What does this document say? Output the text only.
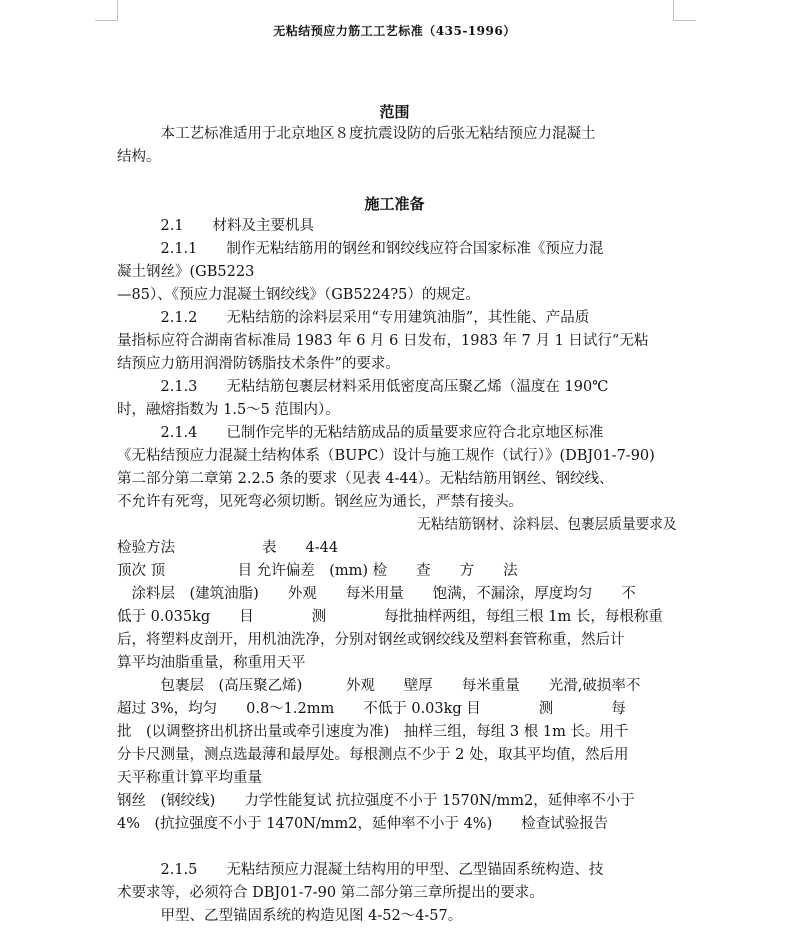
无粘结预应力筋工工艺标准（435-1996）
范围
　　　本工艺标准适用于北京地区８度抗震设防的后张无粘结预应力混凝土
结构。
施工准备
　　　2.1　　材料及主要机具
　　　2.1.1　　制作无粘结筋用的钢丝和钢绞线应符合国家标准《预应力混
凝土钢丝》(GB5223
—85）、《预应力混凝土钢绞线》（GB5224?5）的规定。
　　　2.1.2　　无粘结筋的涂料层采用“专用建筑油脂”，其性能、产品质
量指标应符合湖南省标准局 1983 年 6 月 6 日发布，1983 年 7 月 1 日试行“无粘
结预应力筋用润滑防锈脂技术条件”的要求。
　　　2.1.3　　无粘结筋包裹层材料采用低密度高压聚乙烯（温度在 190℃
时，融熔指数为 1.5～5 范围内）。
　　　2.1.4　　已制作完毕的无粘结筋成品的质量要求应符合北京地区标准
《无粘结预应力混凝土结构体系（BUPC）设计与施工规作（试行）》(DBJ01-7-90)
第二部分第二章第 2.2.5 条的要求（见表 4-44）。无粘结筋用钢丝、钢绞线、
不允许有死弯，见死弯必须切断。钢丝应为通长，严禁有接头。
　　　　　　　　　　　　　　　　　　　　　　无粘结筋钢材、涂料层、包裹层质量要求及
检验方法　　　　　　表　　4-44
顶次 顶　　　　　目 允许偏差　(mm) 检　　查　　方　　法
　涂料层　(建筑油脂)　　外观　　每米用量　　饱满，不漏涂，厚度均匀　　不
低于 0.035kg　　目　　　　测　　　　每批抽样两组，每组三根 1m 长，每根称重
后，将塑料皮剖开，用机油洗净，分别对钢丝或钢绞线及塑料套管称重，然后计
算平均油脂重量，称重用天平
　　　包裹层　(高压聚乙烯)　　　外观　　壁厚　　每米重量　　光滑,破损率不
超过 3%，均匀　　0.8～1.2mm　　不低于 0.03kg 目　　　　测　　　　每
批　(以调整挤出机挤出量或牵引速度为准)　抽样三组，每组 3 根 1m 长。用千
分卡尺测量，测点选最薄和最厚处。每根测点不少于 2 处，取其平均值，然后用
天平称重计算平均重量
钢丝　(钢绞线)　　力学性能复试 抗拉强度不小于 1570N/mm2，延伸率不小于
4%　(抗拉强度不小于 1470N/mm2，延伸率不小于 4%)　　检查试验报告
　　　2.1.5　　无粘结预应力混凝土结构用的甲型、乙型锚固系统构造、技
术要求等，必须符合 DBJ01-7-90 第二部分第三章所提出的要求。
　　　甲型、乙型锚固系统的构造见图 4-52～4-57。
